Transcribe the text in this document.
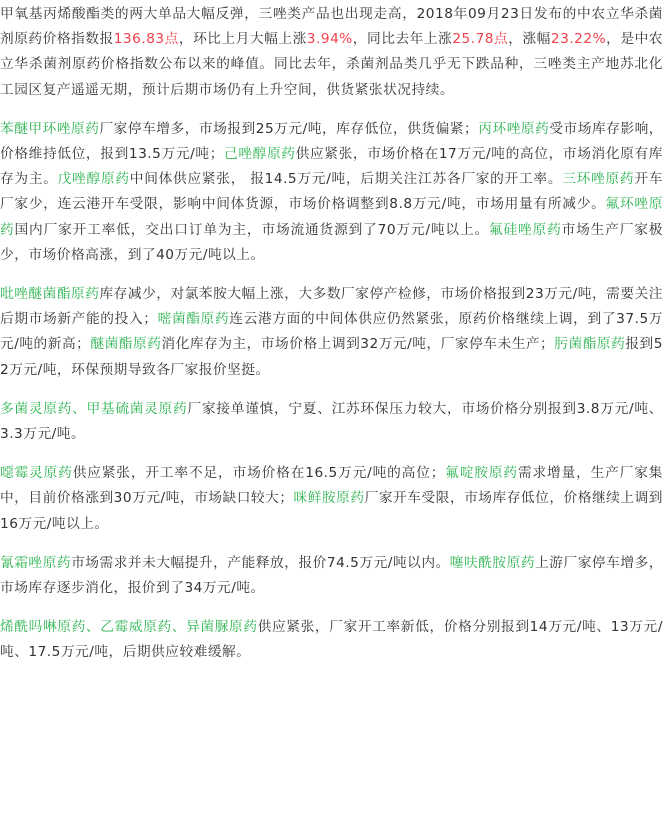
甲氧基丙烯酸酯类的两大单品大幅反弹，三唑类产品也出现走高，2018年09月23日发布的中农立华杀菌剂原药价格指数报136.83点，环比上月大幅上涨3.94%，同比去年上涨25.78点，涨幅23.22%，是中农立华杀菌剂原药价格指数公布以来的峰值。同比去年，杀菌剂品类几乎无下跌品种，三唑类主产地苏北化工园区复产遥遥无期，预计后期市场仍有上升空间，供货紧张状况持续。

苯醚甲环唑原药厂家停车增多，市场报到25万元/吨，库存低位，供货偏紧；丙环唑原药受市场库存影响，价格维持低位，报到13.5万元/吨；己唑醇原药供应紧张，市场价格在17万元/吨的高位，市场消化原有库存为主。戊唑醇原药中间体供应紧张， 报14.5万元/吨，后期关注江苏各厂家的开工率。三环唑原药开车厂家少，连云港开车受限，影响中间体货源，市场价格调整到8.8万元/吨，市场用量有所减少。氟环唑原药国内厂家开工率低，交出口订单为主，市场流通货源到了70万元/吨以上。氟硅唑原药市场生产厂家极少，市场价格高涨，到了40万元/吨以上。

吡唑醚菌酯原药库存减少，对氯苯胺大幅上涨，大多数厂家停产检修，市场价格报到23万元/吨，需要关注后期市场新产能的投入；嘧菌酯原药连云港方面的中间体供应仍然紧张，原药价格继续上调，到了37.5万元/吨的新高；醚菌酯原药消化库存为主，市场价格上调到32万元/吨，厂家停车未生产；肟菌酯原药报到52万元/吨，环保预期导致各厂家报价坚挺。

多菌灵原药、甲基硫菌灵原药厂家接单谨慎，宁夏、江苏环保压力较大，市场价格分别报到3.8万元/吨、3.3万元/吨。

噁霉灵原药供应紧张，开工率不足，市场价格在16.5万元/吨的高位；氟啶胺原药需求增量，生产厂家集中，目前价格涨到30万元/吨，市场缺口较大；咪鲜胺原药厂家开车受限，市场库存低位，价格继续上调到16万元/吨以上。

氰霜唑原药市场需求并未大幅提升，产能释放，报价74.5万元/吨以内。噻呋酰胺原药上游厂家停车增多，市场库存逐步消化，报价到了34万元/吨。

烯酰吗啉原药、乙霉威原药、异菌脲原药供应紧张，厂家开工率新低，价格分别报到14万元/吨、13万元/吨、17.5万元/吨，后期供应较难缓解。
